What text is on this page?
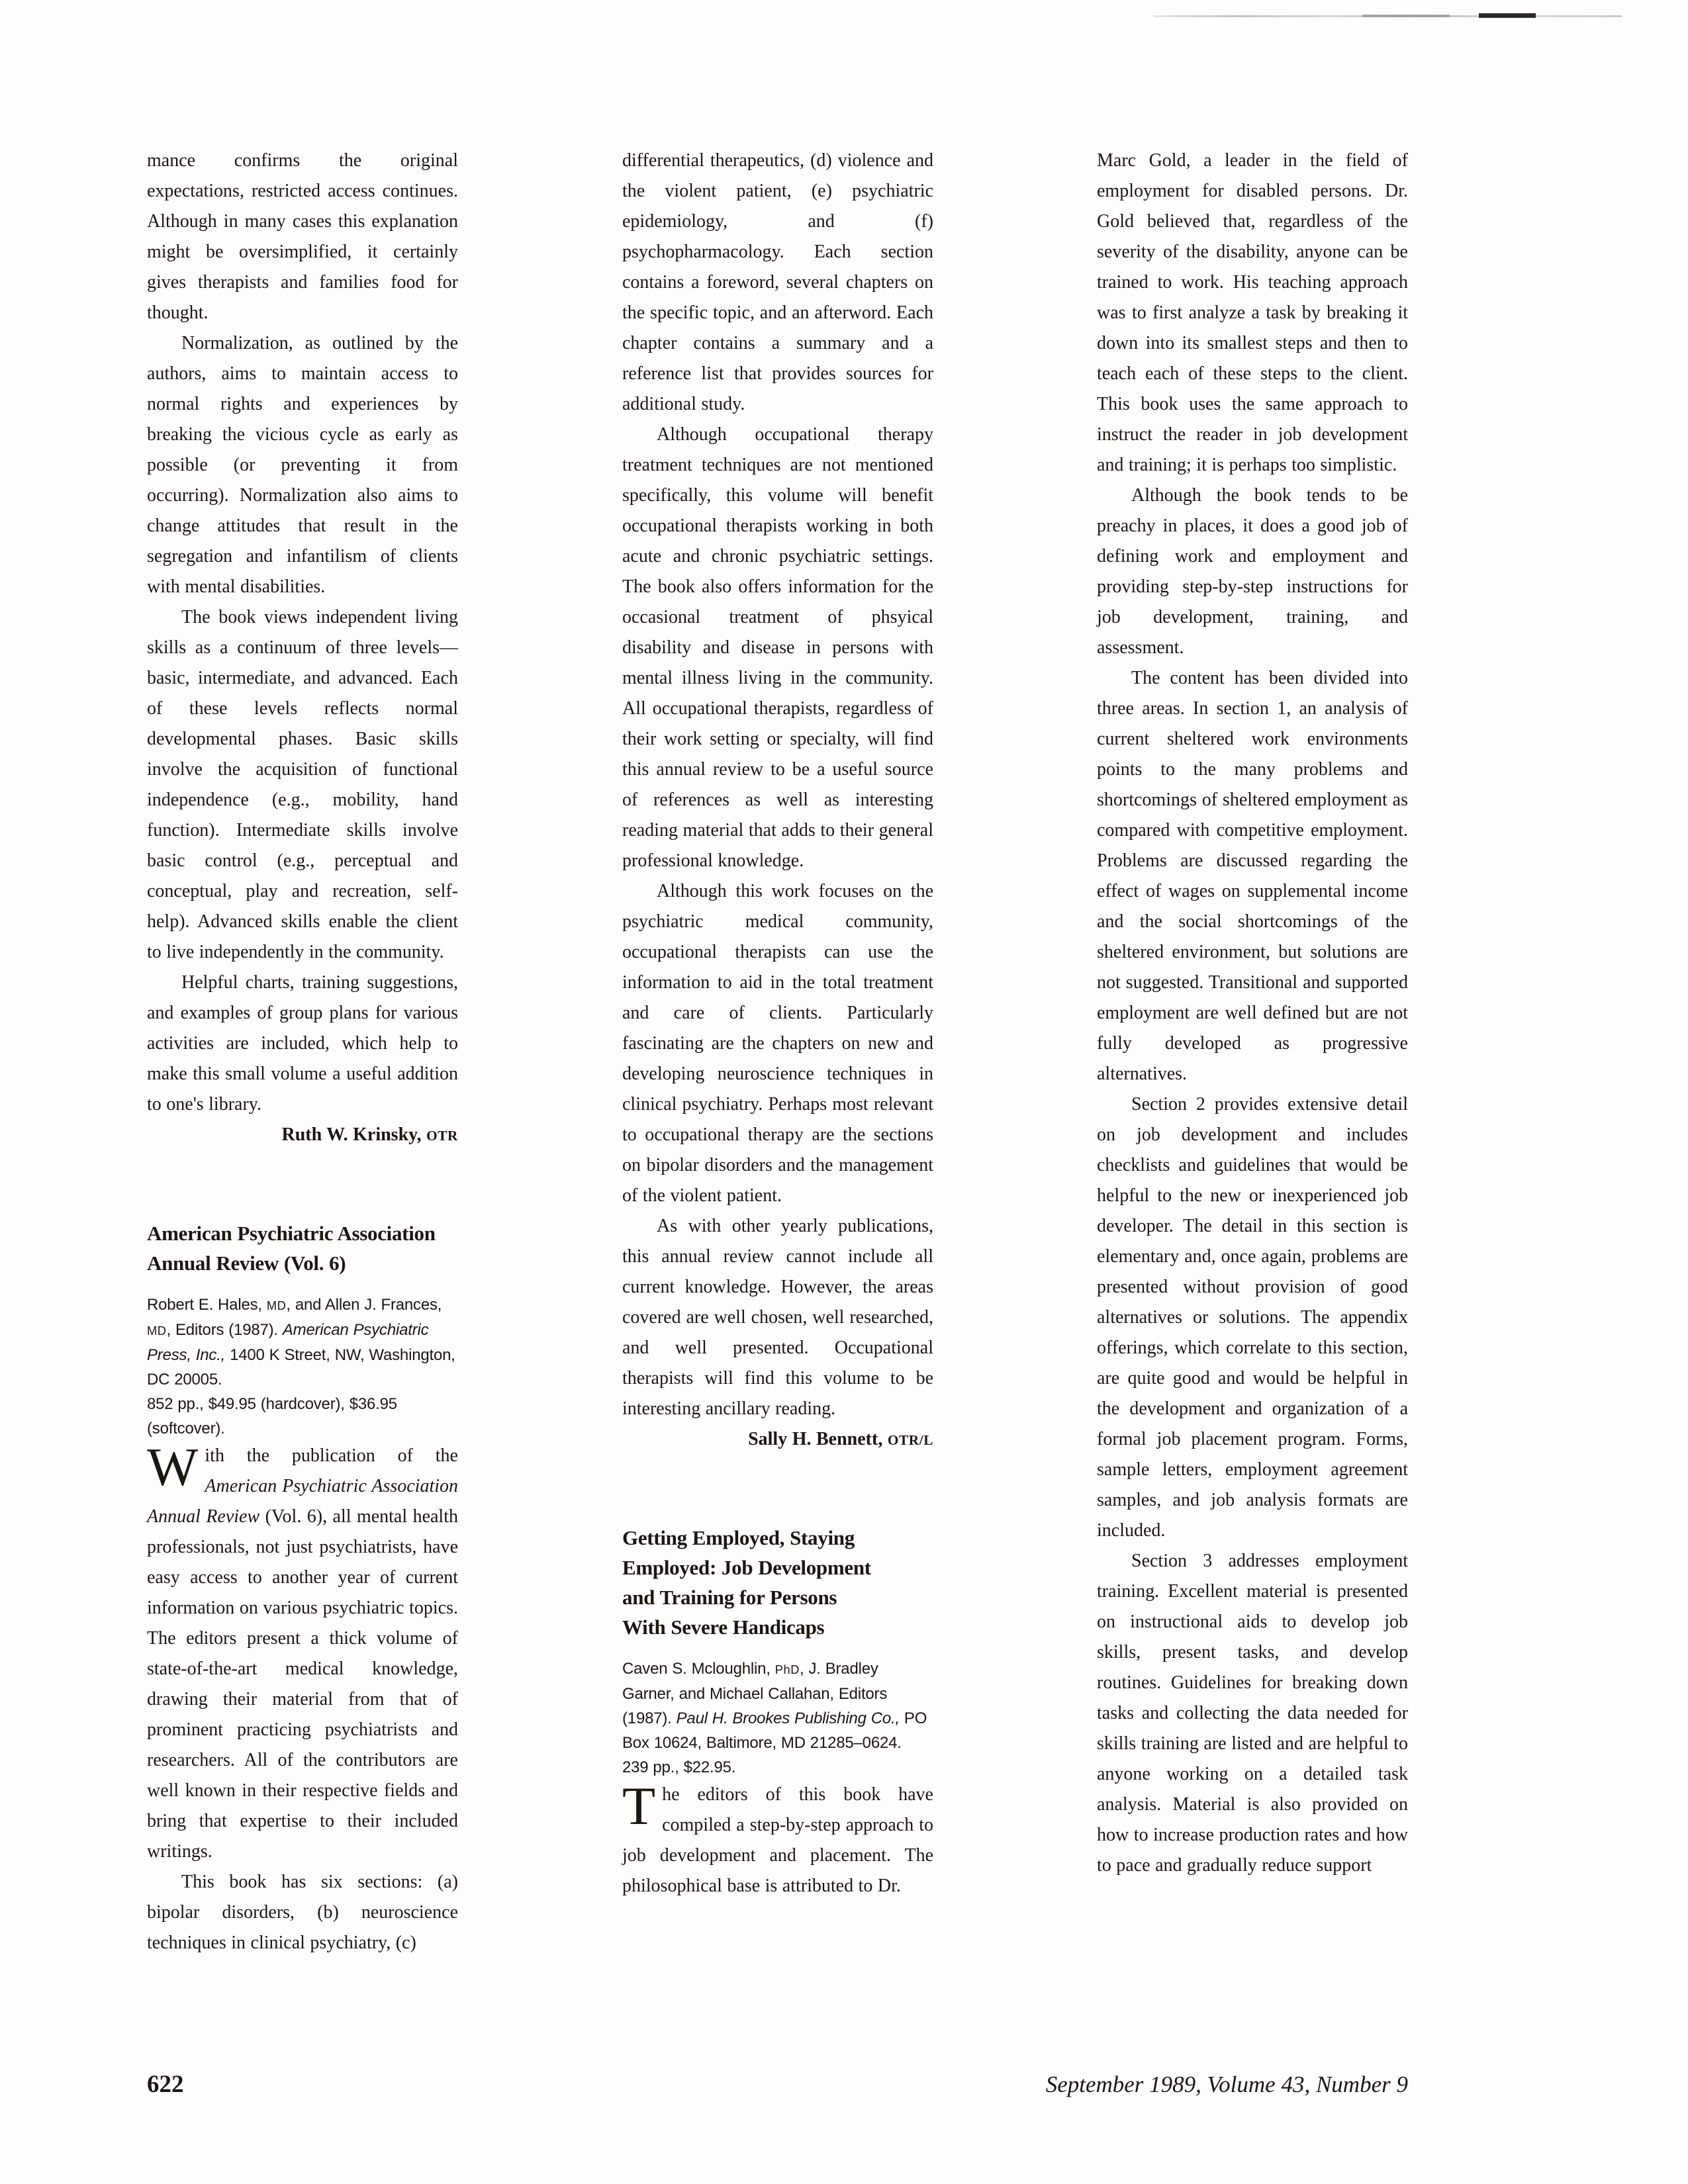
mance confirms the original expectations, restricted access continues. Although in many cases this explanation might be oversimplified, it certainly gives therapists and families food for thought.

Normalization, as outlined by the authors, aims to maintain access to normal rights and experiences by breaking the vicious cycle as early as possible (or preventing it from occurring). Normalization also aims to change attitudes that result in the segregation and infantilism of clients with mental disabilities.

The book views independent living skills as a continuum of three levels—basic, intermediate, and advanced. Each of these levels reflects normal developmental phases. Basic skills involve the acquisition of functional independence (e.g., mobility, hand function). Intermediate skills involve basic control (e.g., perceptual and conceptual, play and recreation, self-help). Advanced skills enable the client to live independently in the community.

Helpful charts, training suggestions, and examples of group plans for various activities are included, which help to make this small volume a useful addition to one's library.

Ruth W. Krinsky, OTR
American Psychiatric Association
Annual Review (Vol. 6)
Robert E. Hales, MD, and Allen J. Frances, MD, Editors (1987). American Psychiatric Press, Inc., 1400 K Street, NW, Washington, DC 20005.
852 pp., $49.95 (hardcover), $36.95 (softcover).

With the publication of the American Psychiatric Association Annual Review (Vol. 6), all mental health professionals, not just psychiatrists, have easy access to another year of current information on various psychiatric topics. The editors present a thick volume of state-of-the-art medical knowledge, drawing their material from that of prominent practicing psychiatrists and researchers. All of the contributors are well known in their respective fields and bring that expertise to their included writings.

This book has six sections: (a) bipolar disorders, (b) neuroscience techniques in clinical psychiatry, (c)

differential therapeutics, (d) violence and the violent patient, (e) psychiatric epidemiology, and (f) psychopharmacology. Each section contains a foreword, several chapters on the specific topic, and an afterword. Each chapter contains a summary and a reference list that provides sources for additional study.

Although occupational therapy treatment techniques are not mentioned specifically, this volume will benefit occupational therapists working in both acute and chronic psychiatric settings. The book also offers information for the occasional treatment of phsyical disability and disease in persons with mental illness living in the community. All occupational therapists, regardless of their work setting or specialty, will find this annual review to be a useful source of references as well as interesting reading material that adds to their general professional knowledge.

Although this work focuses on the psychiatric medical community, occupational therapists can use the information to aid in the total treatment and care of clients. Particularly fascinating are the chapters on new and developing neuroscience techniques in clinical psychiatry. Perhaps most relevant to occupational therapy are the sections on bipolar disorders and the management of the violent patient.

As with other yearly publications, this annual review cannot include all current knowledge. However, the areas covered are well chosen, well researched, and well presented. Occupational therapists will find this volume to be interesting ancillary reading.

Sally H. Bennett, OTR/L
Getting Employed, Staying
Employed: Job Development
and Training for Persons
With Severe Handicaps
Caven S. Mcloughlin, PhD, J. Bradley Garner, and Michael Callahan, Editors (1987). Paul H. Brookes Publishing Co., PO Box 10624, Baltimore, MD 21285–0624.
239 pp., $22.95.

The editors of this book have compiled a step-by-step approach to job development and placement. The philosophical base is attributed to Dr.

Marc Gold, a leader in the field of employment for disabled persons. Dr. Gold believed that, regardless of the severity of the disability, anyone can be trained to work. His teaching approach was to first analyze a task by breaking it down into its smallest steps and then to teach each of these steps to the client. This book uses the same approach to instruct the reader in job development and training; it is perhaps too simplistic.

Although the book tends to be preachy in places, it does a good job of defining work and employment and providing step-by-step instructions for job development, training, and assessment.

The content has been divided into three areas. In section 1, an analysis of current sheltered work environments points to the many problems and shortcomings of sheltered employment as compared with competitive employment. Problems are discussed regarding the effect of wages on supplemental income and the social shortcomings of the sheltered environment, but solutions are not suggested. Transitional and supported employment are well defined but are not fully developed as progressive alternatives.

Section 2 provides extensive detail on job development and includes checklists and guidelines that would be helpful to the new or inexperienced job developer. The detail in this section is elementary and, once again, problems are presented without provision of good alternatives or solutions. The appendix offerings, which correlate to this section, are quite good and would be helpful in the development and organization of a formal job placement program. Forms, sample letters, employment agreement samples, and job analysis formats are included.

Section 3 addresses employment training. Excellent material is presented on instructional aids to develop job skills, present tasks, and develop routines. Guidelines for breaking down tasks and collecting the data needed for skills training are listed and are helpful to anyone working on a detailed task analysis. Material is also provided on how to increase production rates and how to pace and gradually reduce support

622	September 1989, Volume 43, Number 9
